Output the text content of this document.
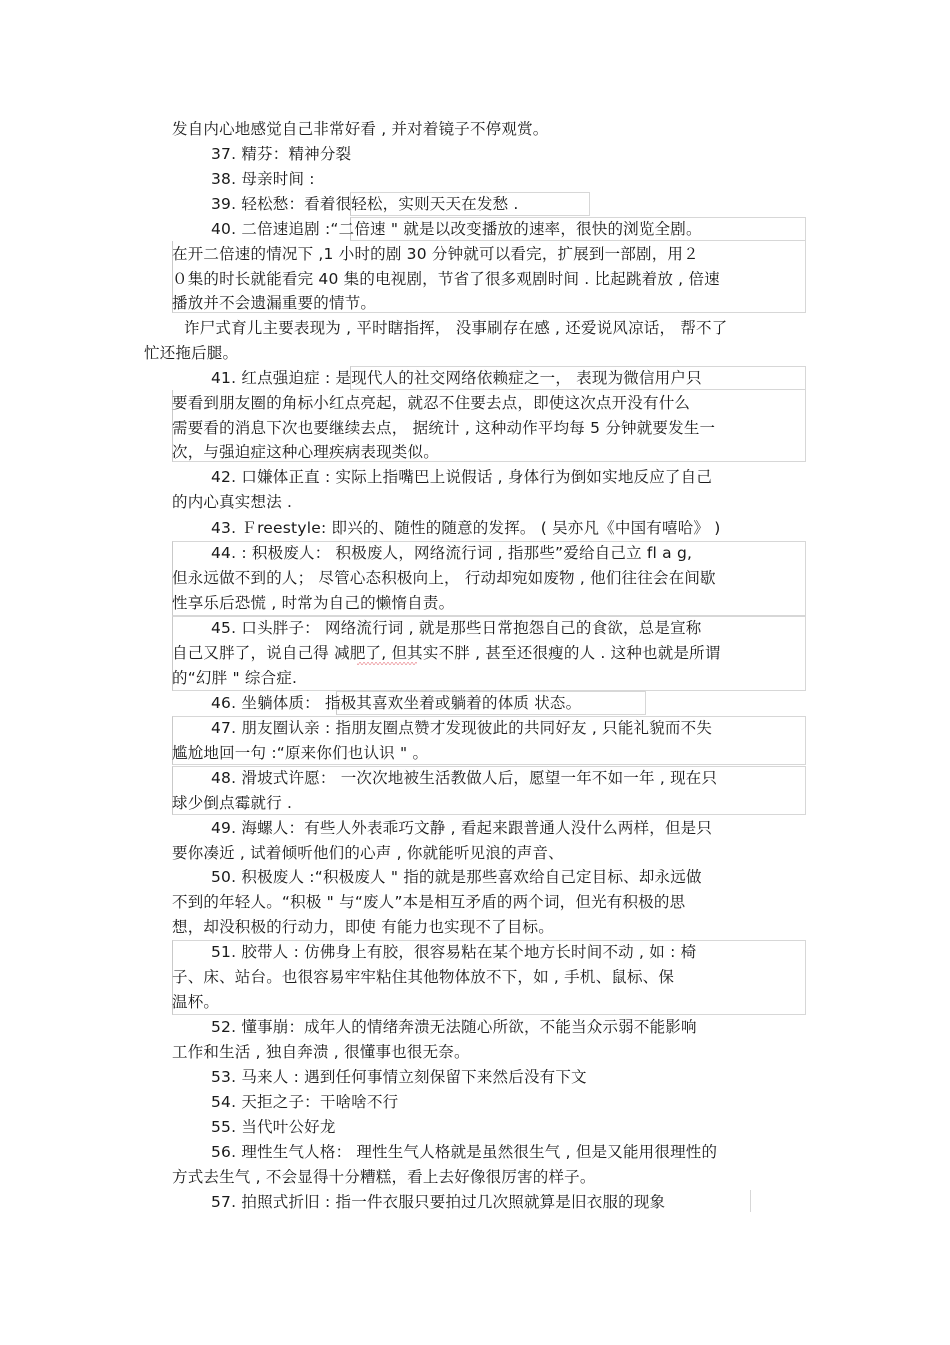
发自内心地感觉自己非常好看 , 并对着镜子不停观赏。
37. 精芬：精神分裂
38. 母亲时间 :
39. 轻松愁：看着很轻松，实则天天在发愁 .
40. 二倍速追剧 :“二倍速 " 就是以改变播放的速率，很快的浏览全剧。
在开二倍速的情况下 ,1 小时的剧 30 分钟就可以看完，扩展到一部剧，用２
０集的时长就能看完 40 集的电视剧，节省了很多观剧时间 . 比起跳着放 , 倍速
播放并不会遗漏重要的情节。
诈尸式育儿主要表现为 , 平时瞎指挥， 没事刷存在感 , 还爱说风凉话， 帮不了
忙还拖后腿。
41. 红点强迫症 : 是现代人的社交网络依赖症之一， 表现为微信用户只
要看到朋友圈的角标小红点亮起，就忍不住要去点，即使这次点开没有什么
需要看的消息下次也要继续去点， 据统计 , 这种动作平均每 5 分钟就要发生一
次，与强迫症这种心理疾病表现类似。
42. 口嫌体正直 : 实际上指嘴巴上说假话 , 身体行为倒如实地反应了自己
的内心真实想法 .
43. Ｆreestyle: 即兴的、随性的随意的发挥。 ( 吴亦凡《中国有嘻哈》 )
44. : 积极废人： 积极废人，网络流行词 , 指那些”爱给自己立 fl a g,
但永远做不到的人； 尽管心态积极向上， 行动却宛如废物 , 他们往往会在间歇
性享乐后恐慌 , 时常为自己的懒惰自责。
45. 口头胖子： 网络流行词 , 就是那些日常抱怨自己的食欲，总是宣称
自己又胖了，说自己得 减肥了, 但其实不胖 , 甚至还很瘦的人 . 这种也就是所谓
的“幻胖 " 综合症.
46. 坐躺体质： 指极其喜欢坐着或躺着的体质 状态。
47. 朋友圈认亲 : 指朋友圈点赞才发现彼此的共同好友 , 只能礼貌而不失
尴尬地回一句 :“原来你们也认识 " 。
48. 滑坡式许愿： 一次次地被生活教做人后，愿望一年不如一年 , 现在只
球少倒点霉就行 .
49. 海螺人：有些人外表乖巧文静 , 看起来跟普通人没什么两样，但是只
要你凑近 , 试着倾听他们的心声 , 你就能听见浪的声音、
50. 积极废人 :“积极废人 " 指的就是那些喜欢给自己定目标、却永远做
不到的年轻人。“积极 " 与“废人”本是相互矛盾的两个词，但光有积极的思
想，却没积极的行动力，即使 有能力也实现不了目标。
51. 胶带人 : 仿佛身上有胶，很容易粘在某个地方长时间不动 , 如 : 椅
子、床、站台。也很容易牢牢粘住其他物体放不下，如 , 手机、鼠标、保
温杯。
52. 懂事崩：成年人的情绪奔溃无法随心所欲，不能当众示弱不能影响
工作和生活 , 独自奔溃 , 很懂事也很无奈。
53. 马来人 : 遇到任何事情立刻保留下来然后没有下文
54. 天拒之子：干啥啥不行
55. 当代叶公好龙
56. 理性生气人格： 理性生气人格就是虽然很生气 , 但是又能用很理性的
方式去生气 , 不会显得十分糟糕，看上去好像很厉害的样子。
57. 拍照式折旧 : 指一件衣服只要拍过几次照就算是旧衣服的现象
